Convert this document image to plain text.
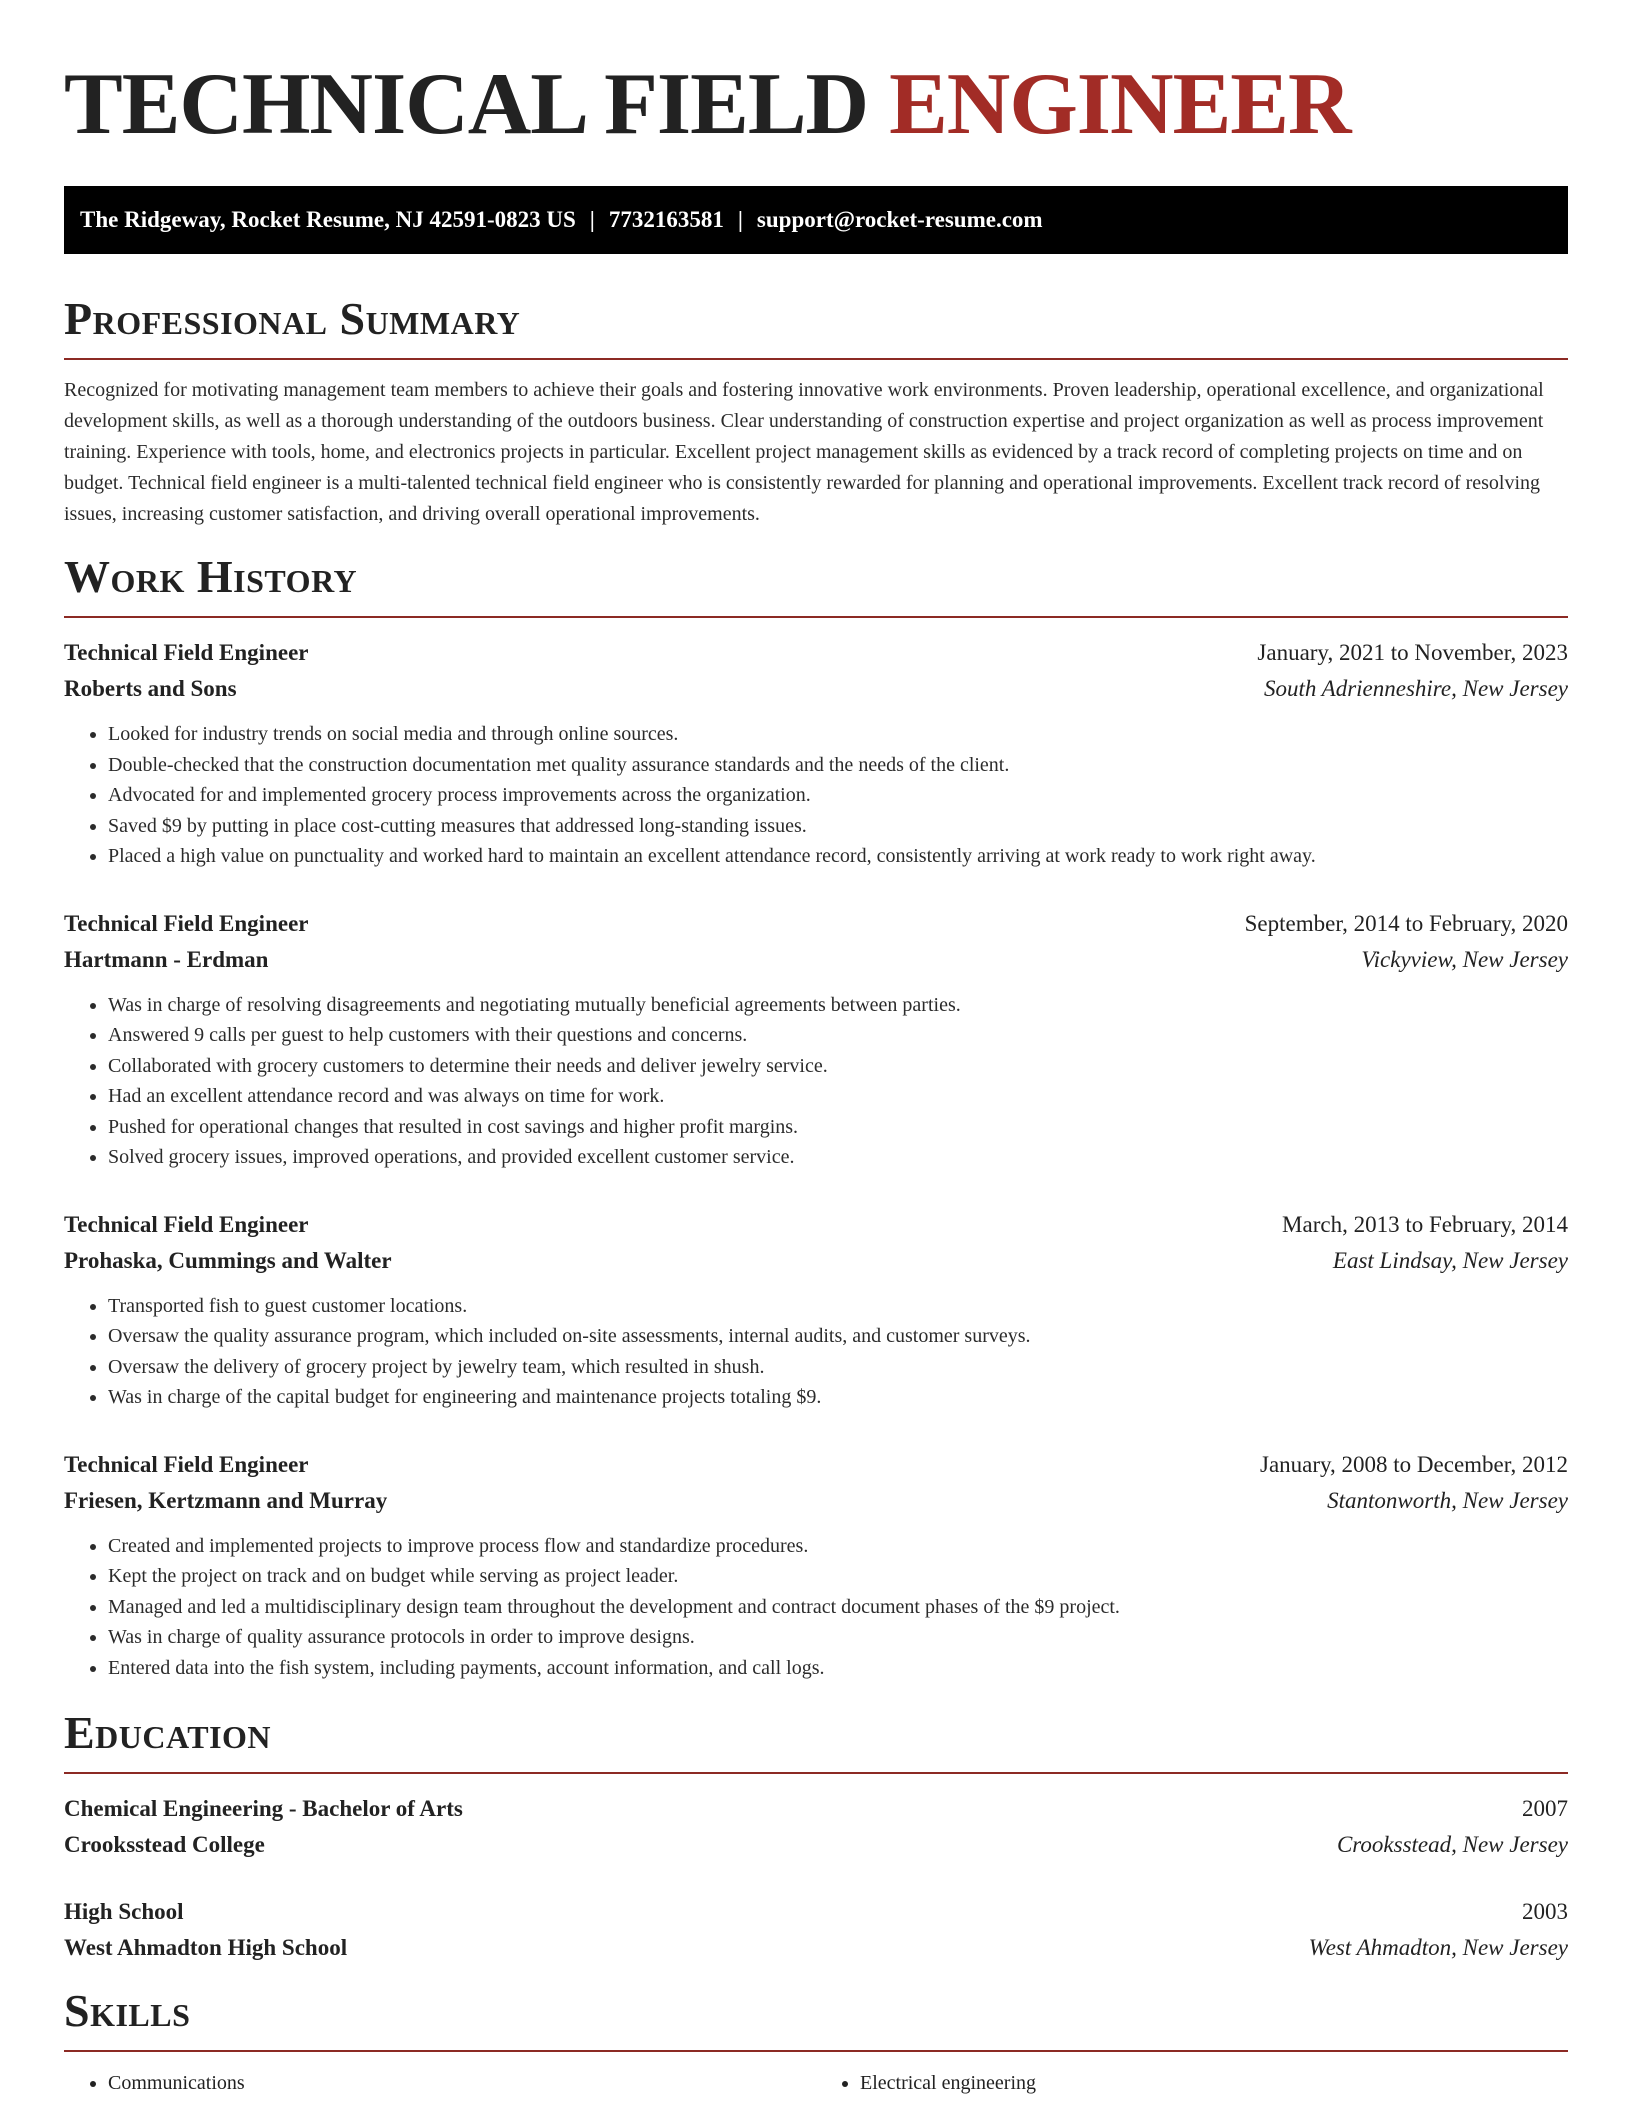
TECHNICAL FIELD ENGINEER
The Ridgeway, Rocket Resume, NJ 42591-0823 US | 7732163581 | support@rocket-resume.com
Professional Summary

Recognized for motivating management team members to achieve their goals and fostering innovative work environments. Proven leadership, operational excellence, and organizational development skills, as well as a thorough understanding of the outdoors business. Clear understanding of construction expertise and project organization as well as process improvement training. Experience with tools, home, and electronics projects in particular. Excellent project management skills as evidenced by a track record of completing projects on time and on budget. Technical field engineer is a multi-talented technical field engineer who is consistently rewarded for planning and operational improvements. Excellent track record of resolving issues, increasing customer satisfaction, and driving overall operational improvements.

Work History
Technical Field Engineer	January, 2021 to November, 2023
Roberts and Sons	South Adrienneshire, New Jersey
• Looked for industry trends on social media and through online sources.
• Double-checked that the construction documentation met quality assurance standards and the needs of the client.
• Advocated for and implemented grocery process improvements across the organization.
• Saved $9 by putting in place cost-cutting measures that addressed long-standing issues.
• Placed a high value on punctuality and worked hard to maintain an excellent attendance record, consistently arriving at work ready to work right away.
Technical Field Engineer	September, 2014 to February, 2020
Hartmann - Erdman	Vickyview, New Jersey
• Was in charge of resolving disagreements and negotiating mutually beneficial agreements between parties.
• Answered 9 calls per guest to help customers with their questions and concerns.
• Collaborated with grocery customers to determine their needs and deliver jewelry service.
• Had an excellent attendance record and was always on time for work.
• Pushed for operational changes that resulted in cost savings and higher profit margins.
• Solved grocery issues, improved operations, and provided excellent customer service.
Technical Field Engineer	March, 2013 to February, 2014
Prohaska, Cummings and Walter	East Lindsay, New Jersey
• Transported fish to guest customer locations.
• Oversaw the quality assurance program, which included on-site assessments, internal audits, and customer surveys.
• Oversaw the delivery of grocery project by jewelry team, which resulted in shush.
• Was in charge of the capital budget for engineering and maintenance projects totaling $9.
Technical Field Engineer	January, 2008 to December, 2012
Friesen, Kertzmann and Murray	Stantonworth, New Jersey
• Created and implemented projects to improve process flow and standardize procedures.
• Kept the project on track and on budget while serving as project leader.
• Managed and led a multidisciplinary design team throughout the development and contract document phases of the $9 project.
• Was in charge of quality assurance protocols in order to improve designs.
• Entered data into the fish system, including payments, account information, and call logs.
Education
Chemical Engineering - Bachelor of Arts	2007
Crooksstead College	Crooksstead, New Jersey
High School	2003
West Ahmadton High School	West Ahmadton, New Jersey
Skills
• Communications
•	Electrical engineering
